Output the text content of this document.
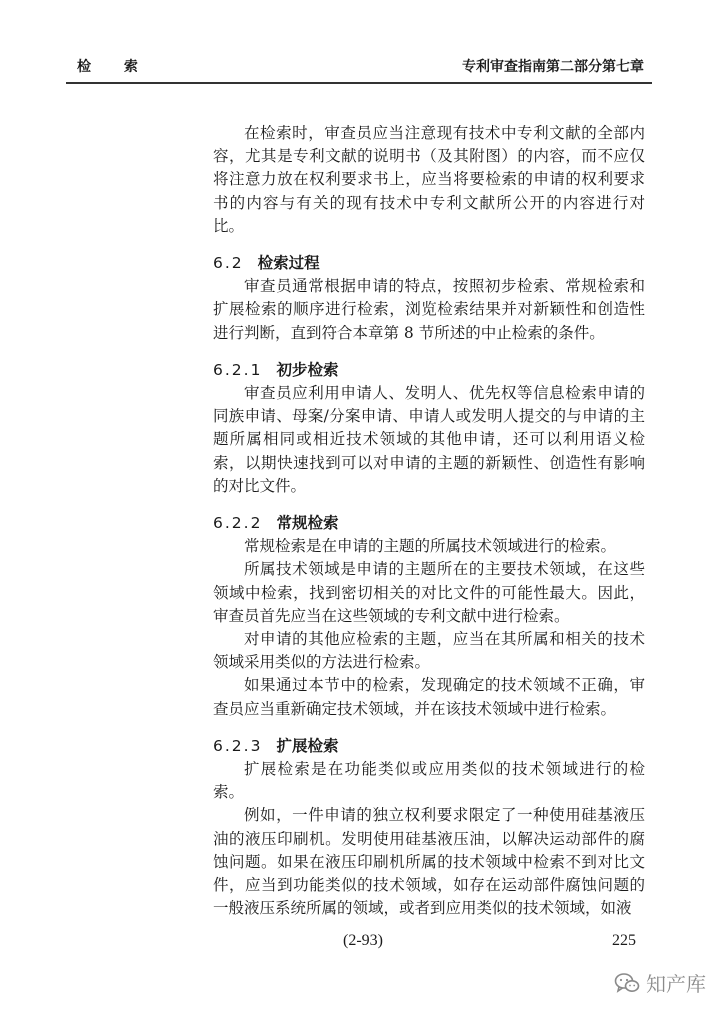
检 索	专利审查指南第二部分第七章

在检索时，审查员应当注意现有技术中专利文献的全部内容，尤其是专利文献的说明书（及其附图）的内容，而不应仅将注意力放在权利要求书上，应当将要检索的申请的权利要求书的内容与有关的现有技术中专利文献所公开的内容进行对比。

6.2 检索过程

审查员通常根据申请的特点，按照初步检索、常规检索和扩展检索的顺序进行检索，浏览检索结果并对新颖性和创造性进行判断，直到符合本章第 8 节所述的中止检索的条件。

6.2.1 初步检索

审查员应利用申请人、发明人、优先权等信息检索申请的同族申请、母案/分案申请、申请人或发明人提交的与申请的主题所属相同或相近技术领域的其他申请，还可以利用语义检索，以期快速找到可以对申请的主题的新颖性、创造性有影响的对比文件。

6.2.2 常规检索

常规检索是在申请的主题的所属技术领域进行的检索。

所属技术领域是申请的主题所在的主要技术领域，在这些领域中检索，找到密切相关的对比文件的可能性最大。因此，审查员首先应当在这些领域的专利文献中进行检索。

对申请的其他应检索的主题，应当在其所属和相关的技术领域采用类似的方法进行检索。

如果通过本节中的检索，发现确定的技术领域不正确，审查员应当重新确定技术领域，并在该技术领域中进行检索。

6.2.3 扩展检索

扩展检索是在功能类似或应用类似的技术领域进行的检索。

例如，一件申请的独立权利要求限定了一种使用硅基液压油的液压印刷机。发明使用硅基液压油，以解决运动部件的腐蚀问题。如果在液压印刷机所属的技术领域中检索不到对比文件，应当到功能类似的技术领域，如存在运动部件腐蚀问题的一般液压系统所属的领域，或者到应用类似的技术领域，如液

(2-93)	225
知产库
